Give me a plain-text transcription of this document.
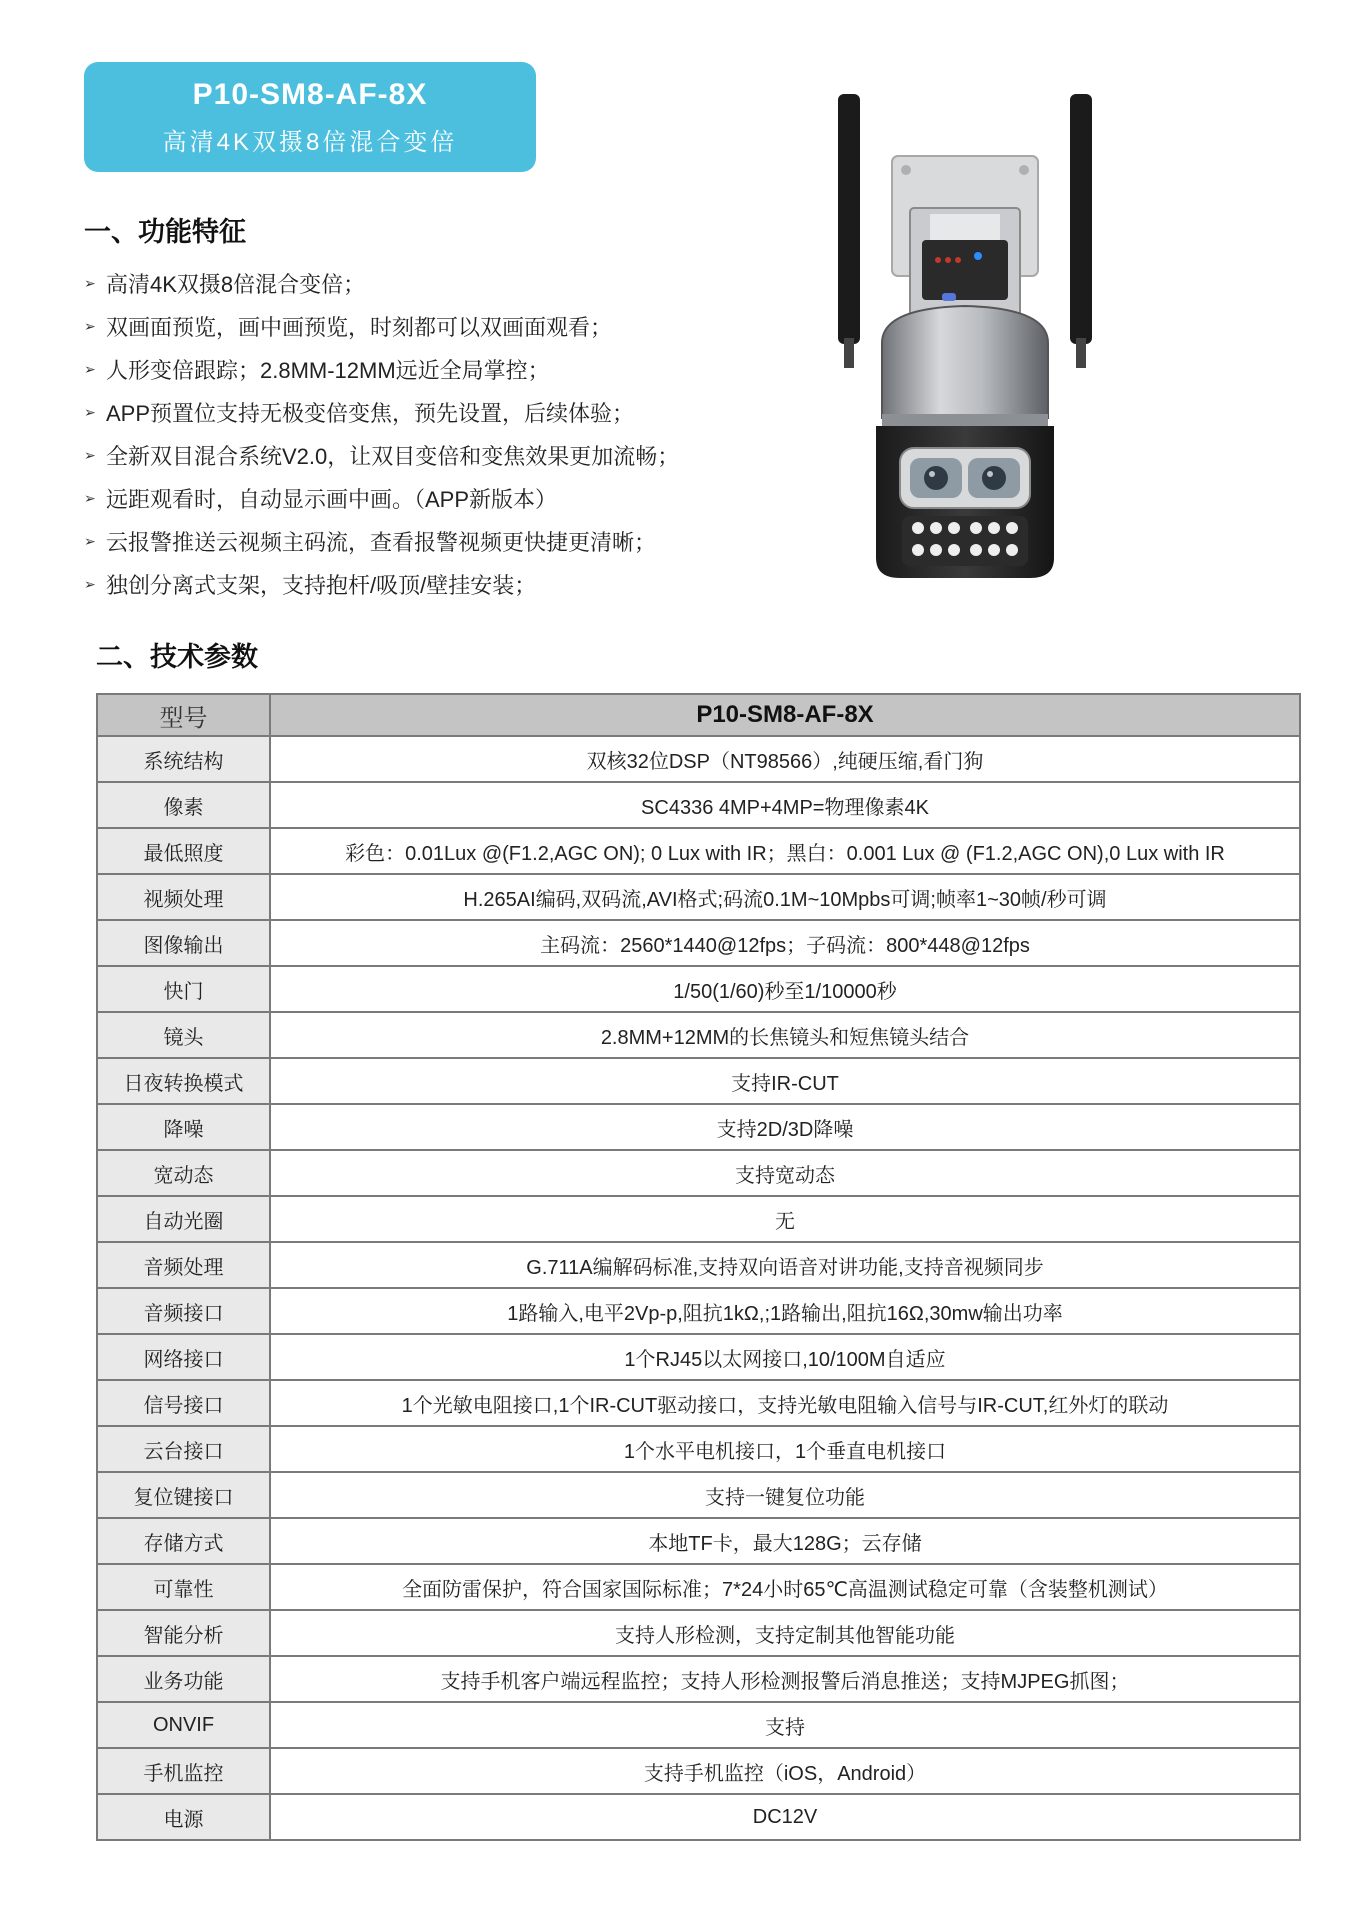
P10-SM8-AF-8X
高清4K双摄8倍混合变倍
一、功能特征
➢ 高清4K双摄8倍混合变倍；
➢ 双画面预览，画中画预览，时刻都可以双画面观看；
➢ 人形变倍跟踪；2.8MM-12MM远近全局掌控；
➢ APP预置位支持无极变倍变焦，预先设置，后续体验；
➢ 全新双目混合系统V2.0，让双目变倍和变焦效果更加流畅；
➢ 远距观看时，自动显示画中画。（APP新版本）
➢ 云报警推送云视频主码流，查看报警视频更快捷更清晰；
➢ 独创分离式支架，支持抱杆/吸顶/壁挂安装；
二、技术参数
型号	P10-SM8-AF-8X
系统结构	双核32位DSP（NT98566）,纯硬压缩,看门狗
像素	SC4336 4MP+4MP=物理像素4K
最低照度	彩色：0.01Lux @(F1.2,AGC ON); 0 Lux with IR；黑白：0.001 Lux @ (F1.2,AGC ON),0 Lux with IR
视频处理	H.265AI编码,双码流,AVI格式;码流0.1M~10Mpbs可调;帧率1~30帧/秒可调
图像输出	主码流：2560*1440@12fps；子码流：800*448@12fps
快门	1/50(1/60)秒至1/10000秒
镜头	2.8MM+12MM的长焦镜头和短焦镜头结合
日夜转换模式	支持IR-CUT
降噪	支持2D/3D降噪
宽动态	支持宽动态
自动光圈	无
音频处理	G.711A编解码标准,支持双向语音对讲功能,支持音视频同步
音频接口	1路输入,电平2Vp-p,阻抗1kΩ,;1路输出,阻抗16Ω,30mw输出功率
网络接口	1个RJ45以太网接口,10/100M自适应
信号接口	1个光敏电阻接口,1个IR-CUT驱动接口，支持光敏电阻输入信号与IR-CUT,红外灯的联动
云台接口	1个水平电机接口，1个垂直电机接口
复位键接口	支持一键复位功能
存储方式	本地TF卡，最大128G；云存储
可靠性	全面防雷保护，符合国家国际标准；7*24小时65℃高温测试稳定可靠（含装整机测试）
智能分析	支持人形检测，支持定制其他智能功能
业务功能	支持手机客户端远程监控；支持人形检测报警后消息推送；支持MJPEG抓图；
ONVIF	支持
手机监控	支持手机监控（iOS，Android）
电源	DC12V
